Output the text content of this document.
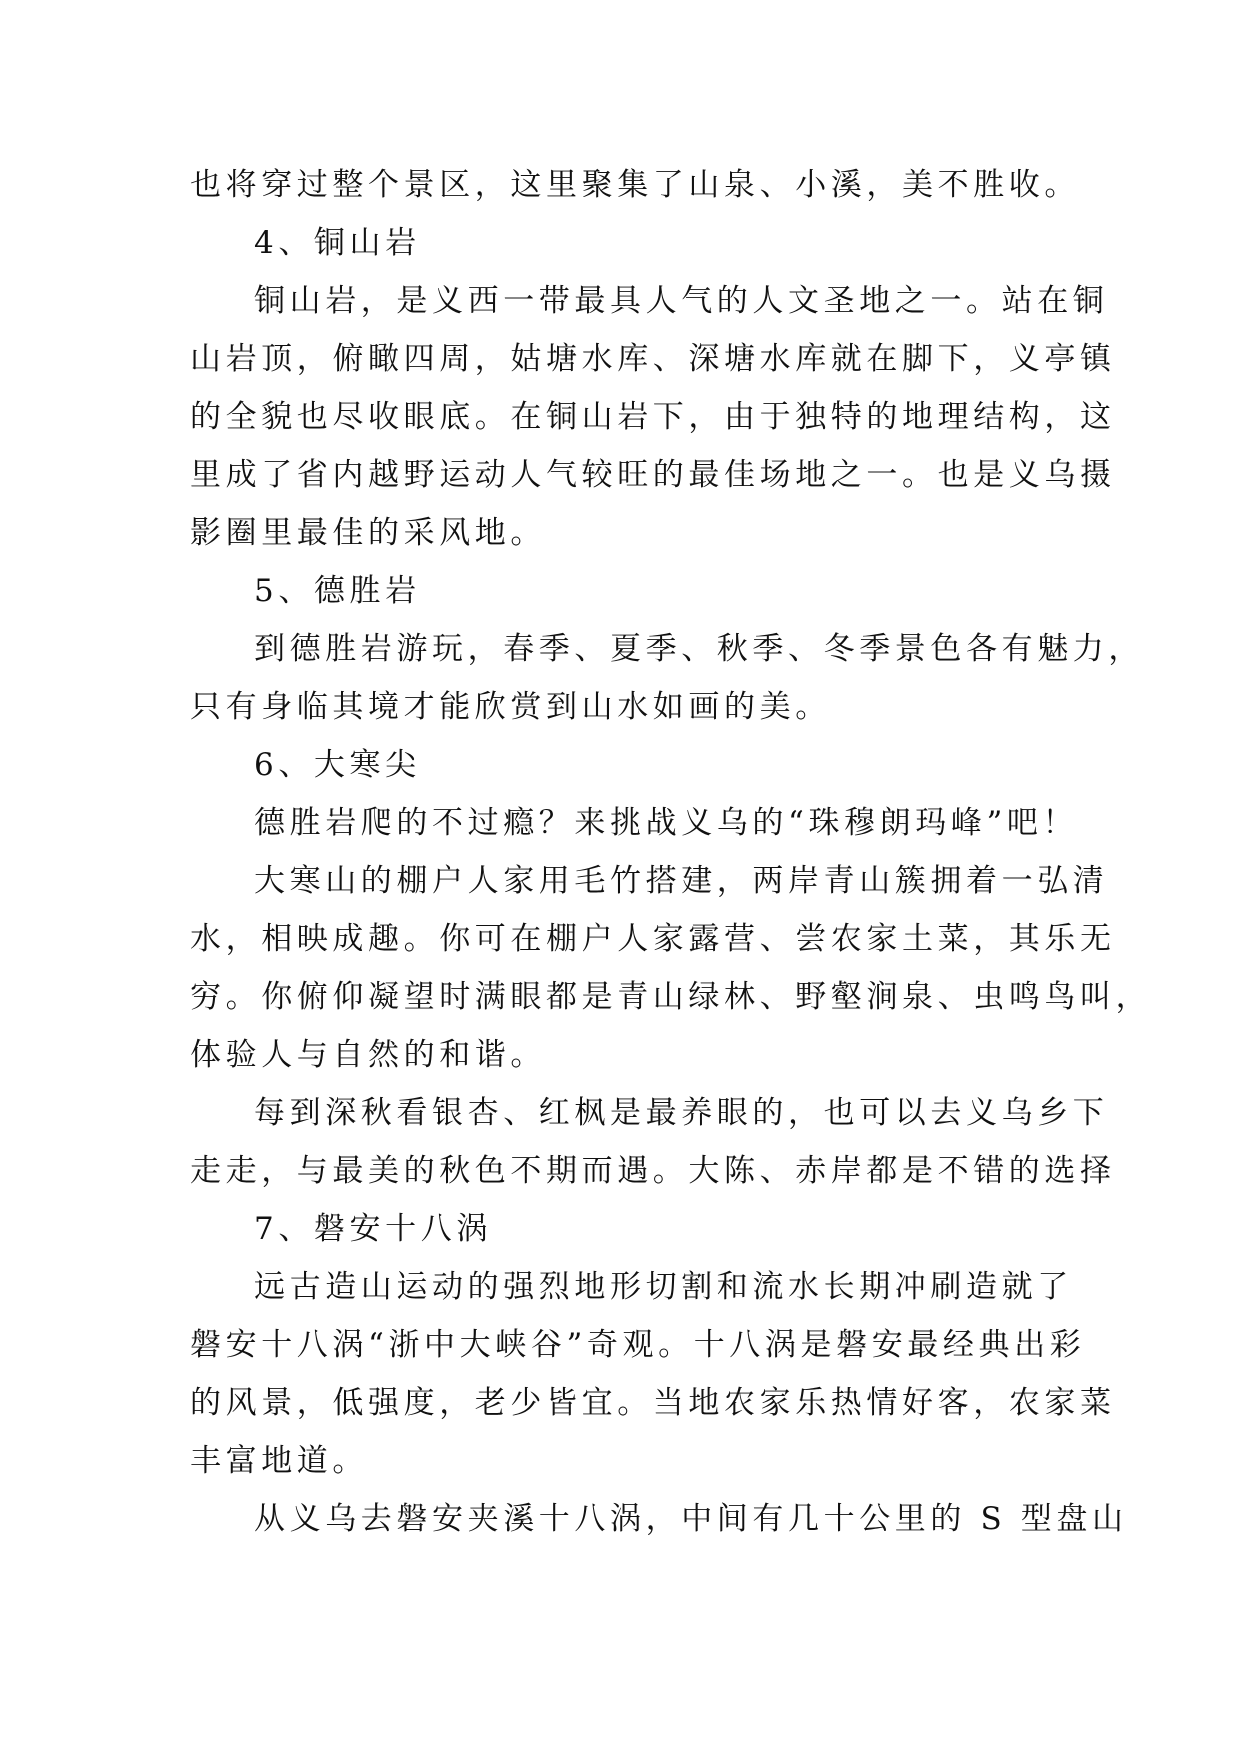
也将穿过整个景区，这里聚集了山泉、小溪，美不胜收。
4、铜山岩
铜山岩，是义西一带最具人气的人文圣地之一。站在铜
山岩顶，俯瞰四周，姑塘水库、深塘水库就在脚下，义亭镇
的全貌也尽收眼底。在铜山岩下，由于独特的地理结构，这
里成了省内越野运动人气较旺的最佳场地之一。也是义乌摄
影圈里最佳的采风地。
5、德胜岩
到德胜岩游玩，春季、夏季、秋季、冬季景色各有魅力，
只有身临其境才能欣赏到山水如画的美。
6、大寒尖
德胜岩爬的不过瘾？来挑战义乌的“珠穆朗玛峰”吧！
大寒山的棚户人家用毛竹搭建，两岸青山簇拥着一弘清
水，相映成趣。你可在棚户人家露营、尝农家土菜，其乐无
穷。你俯仰凝望时满眼都是青山绿林、野壑涧泉、虫鸣鸟叫，
体验人与自然的和谐。
每到深秋看银杏、红枫是最养眼的，也可以去义乌乡下
走走，与最美的秋色不期而遇。大陈、赤岸都是不错的选择
7、磐安十八涡
远古造山运动的强烈地形切割和流水长期冲刷造就了
磐安十八涡“浙中大峡谷”奇观。十八涡是磐安最经典出彩
的风景，低强度，老少皆宜。当地农家乐热情好客，农家菜
丰富地道。
从义乌去磐安夹溪十八涡，中间有几十公里的 S 型盘山
